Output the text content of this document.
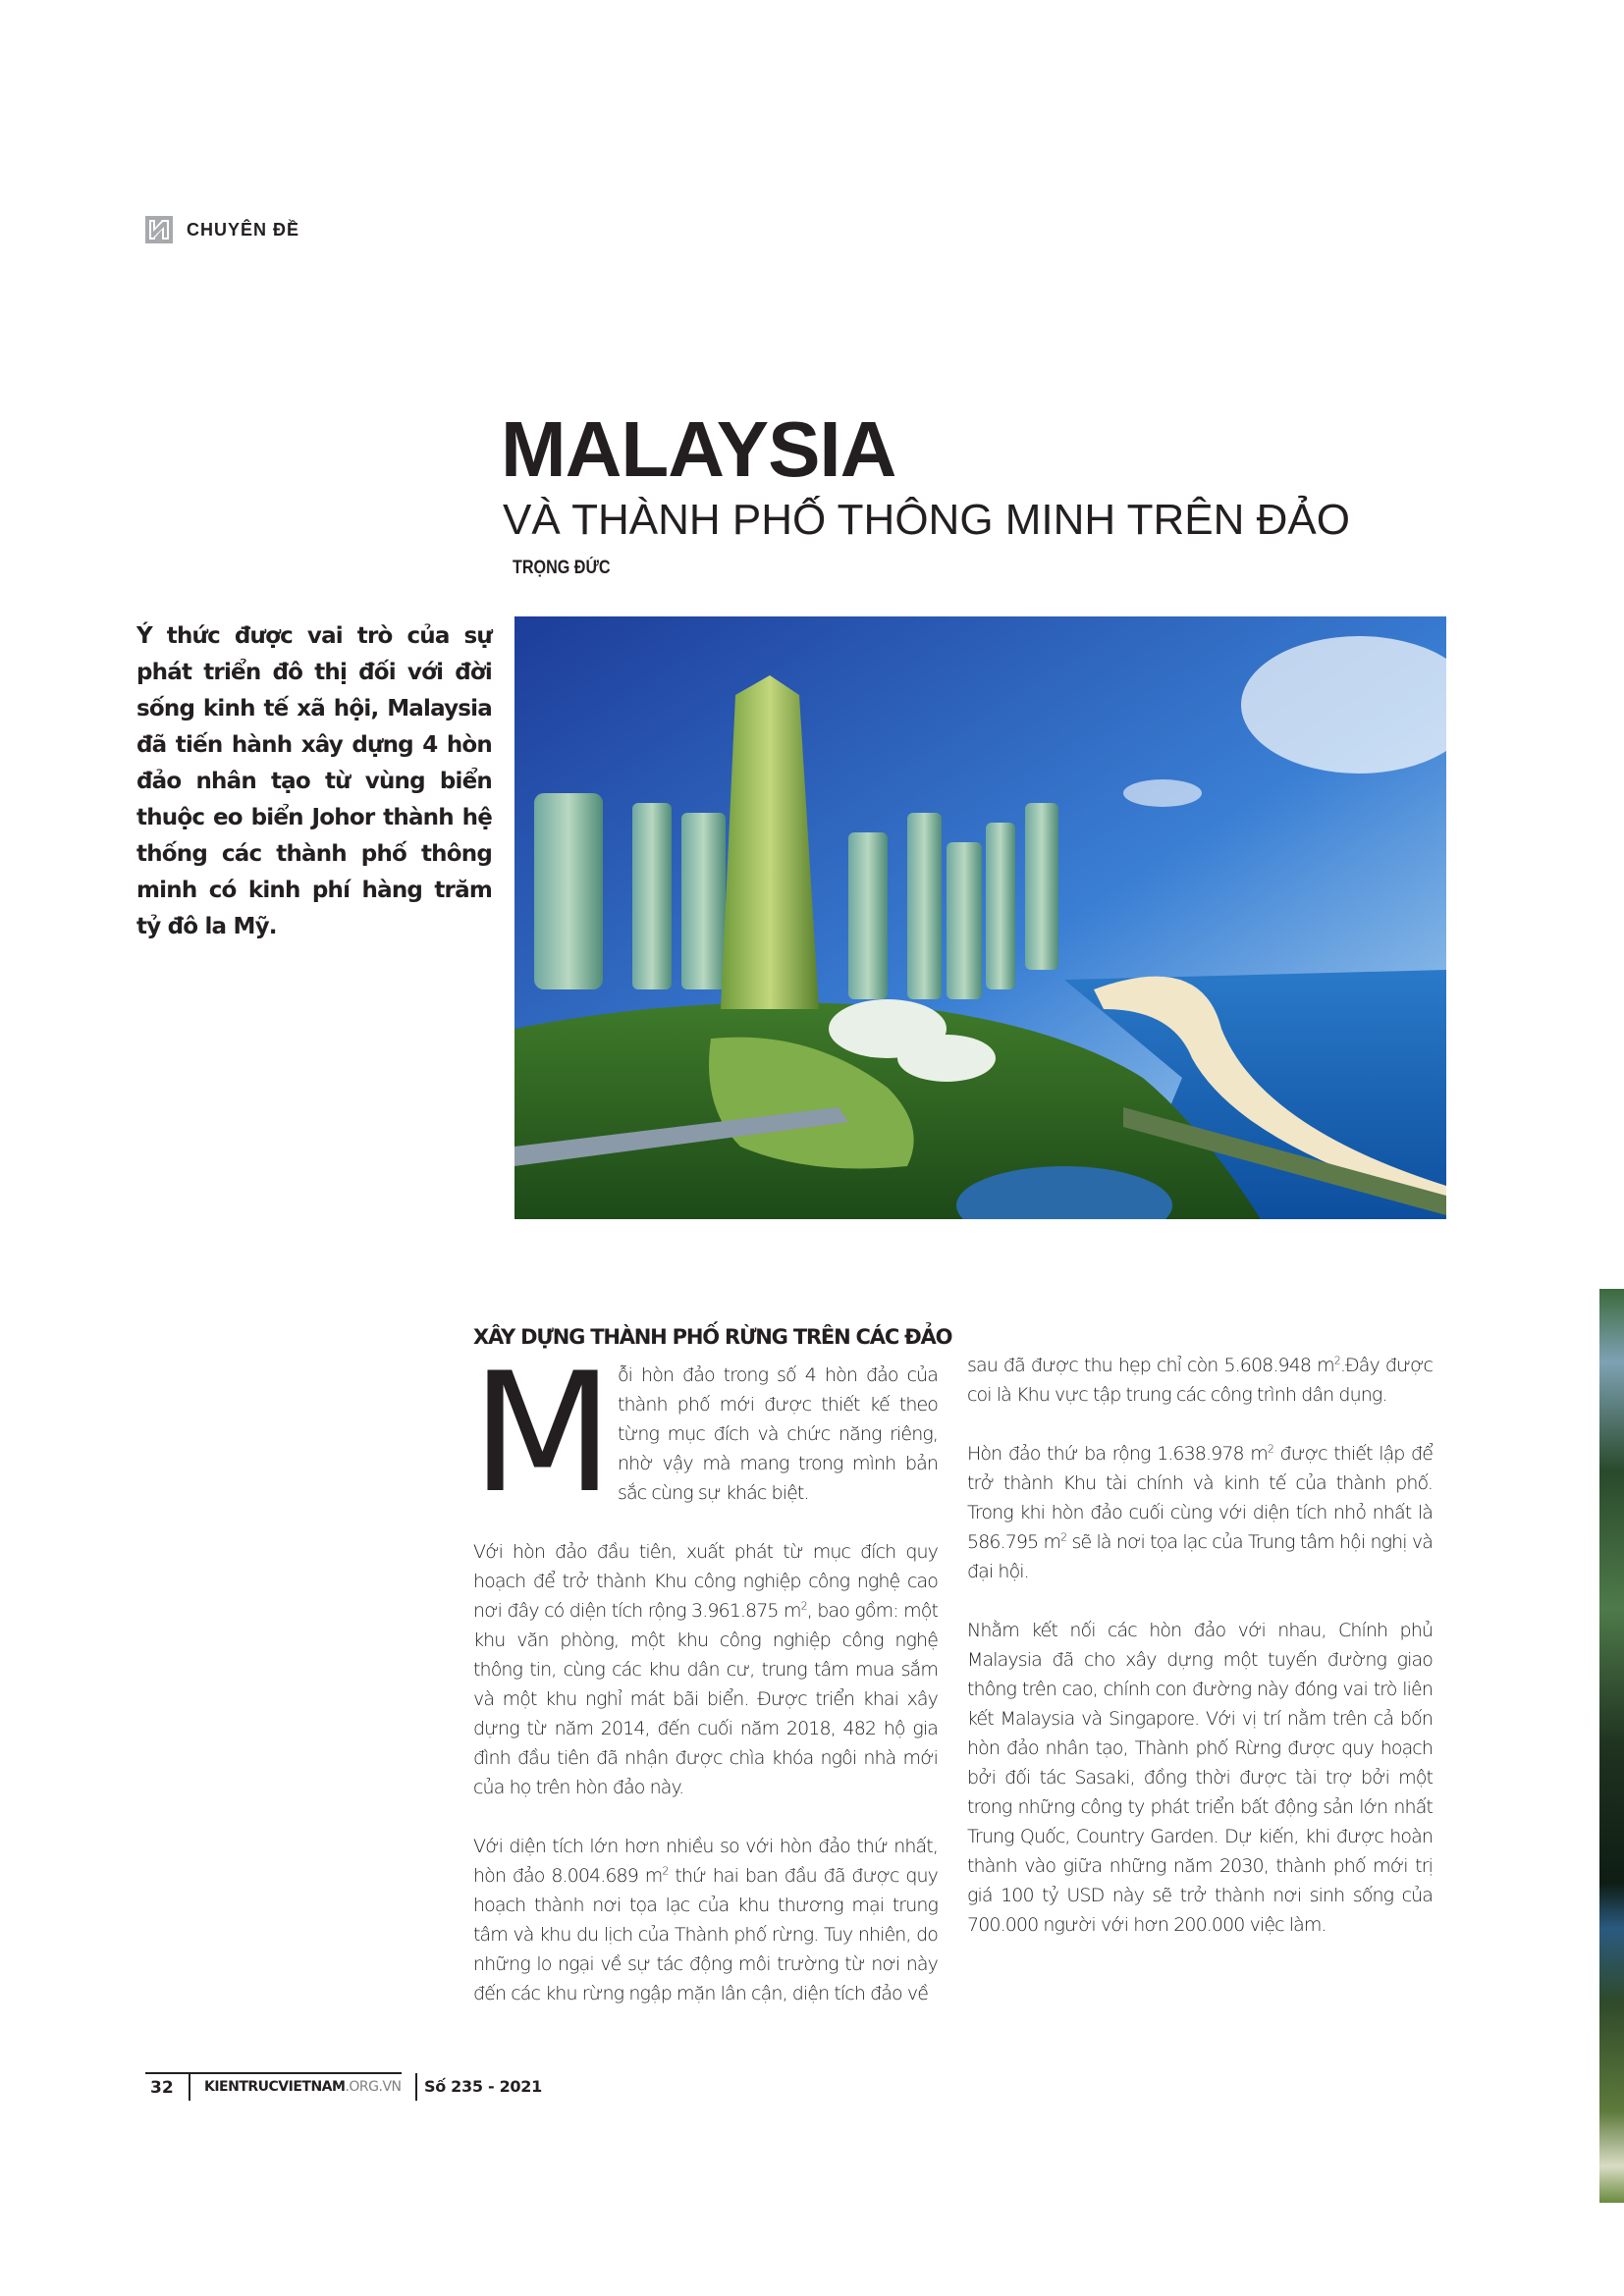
CHUYÊN ĐỀ
MALAYSIA
VÀ THÀNH PHỐ THÔNG MINH TRÊN ĐẢO
TRỌNG ĐỨC
Ý thức được vai trò của sự phát triển đô thị đối với đời sống kinh tế xã hội, Malaysia đã tiến hành xây dựng 4 hòn đảo nhân tạo từ vùng biển thuộc eo biển Johor thành hệ thống các thành phố thông minh có kinh phí hàng trăm tỷ đô la Mỹ.
XÂY DỰNG THÀNH PHỐ RỪNG TRÊN CÁC ĐẢO

Mỗi hòn đảo trong số 4 hòn đảo của thành phố mới được thiết kế theo từng mục đích và chức năng riêng, nhờ vậy mà mang trong mình bản sắc cùng sự khác biệt.

Với hòn đảo đầu tiên, xuất phát từ mục đích quy hoạch để trở thành Khu công nghiệp công nghệ cao nơi đây có diện tích rộng 3.961.875 $m^2$, bao gồm: một khu văn phòng, một khu công nghiệp công nghệ thông tin, cùng các khu dân cư, trung tâm mua sắm và một khu nghỉ mát bãi biển. Được triển khai xây dựng từ năm 2014, đến cuối năm 2018, 482 hộ gia đình đầu tiên đã nhận được chìa khóa ngôi nhà mới của họ trên hòn đảo này.

Với diện tích lớn hơn nhiều so với hòn đảo thứ nhất, hòn đảo 8.004.689 $m^2$ thứ hai ban đầu đã được quy hoạch thành nơi tọa lạc của khu thương mại trung tâm và khu du lịch của Thành phố rừng. Tuy nhiên, do những lo ngại về sự tác động môi trường từ nơi này đến các khu rừng ngập mặn lân cận, diện tích đảo về

sau đã được thu hẹp chỉ còn 5.608.948 $m^2.Đây$ được coi là Khu vực tập trung các công trình dân dụng.

Hòn đảo thứ ba rộng 1.638.978 $m^2$ được thiết lập để trở thành Khu tài chính và kinh tế của thành phố. Trong khi hòn đảo cuối cùng với diện tích nhỏ nhất là 586.795 $m^2$ sẽ là nơi tọa lạc của Trung tâm hội nghị và đại hội.

Nhằm kết nối các hòn đảo với nhau, Chính phủ Malaysia đã cho xây dựng một tuyến đường giao thông trên cao, chính con đường này đóng vai trò liên kết Malaysia và Singapore. Với vị trí nằm trên cả bốn hòn đảo nhân tạo, Thành phố Rừng được quy hoạch bởi đối tác Sasaki, đồng thời được tài trợ bởi một trong những công ty phát triển bất động sản lớn nhất Trung Quốc, Country Garden. Dự kiến, khi được hoàn thành vào giữa những năm 2030, thành phố mới trị giá 100 tỷ USD này sẽ trở thành nơi sinh sống của 700.000 người với hơn 200.000 việc làm.

32 KIENTRUCVIETNAM.ORG.VN Số 235 - 2021
